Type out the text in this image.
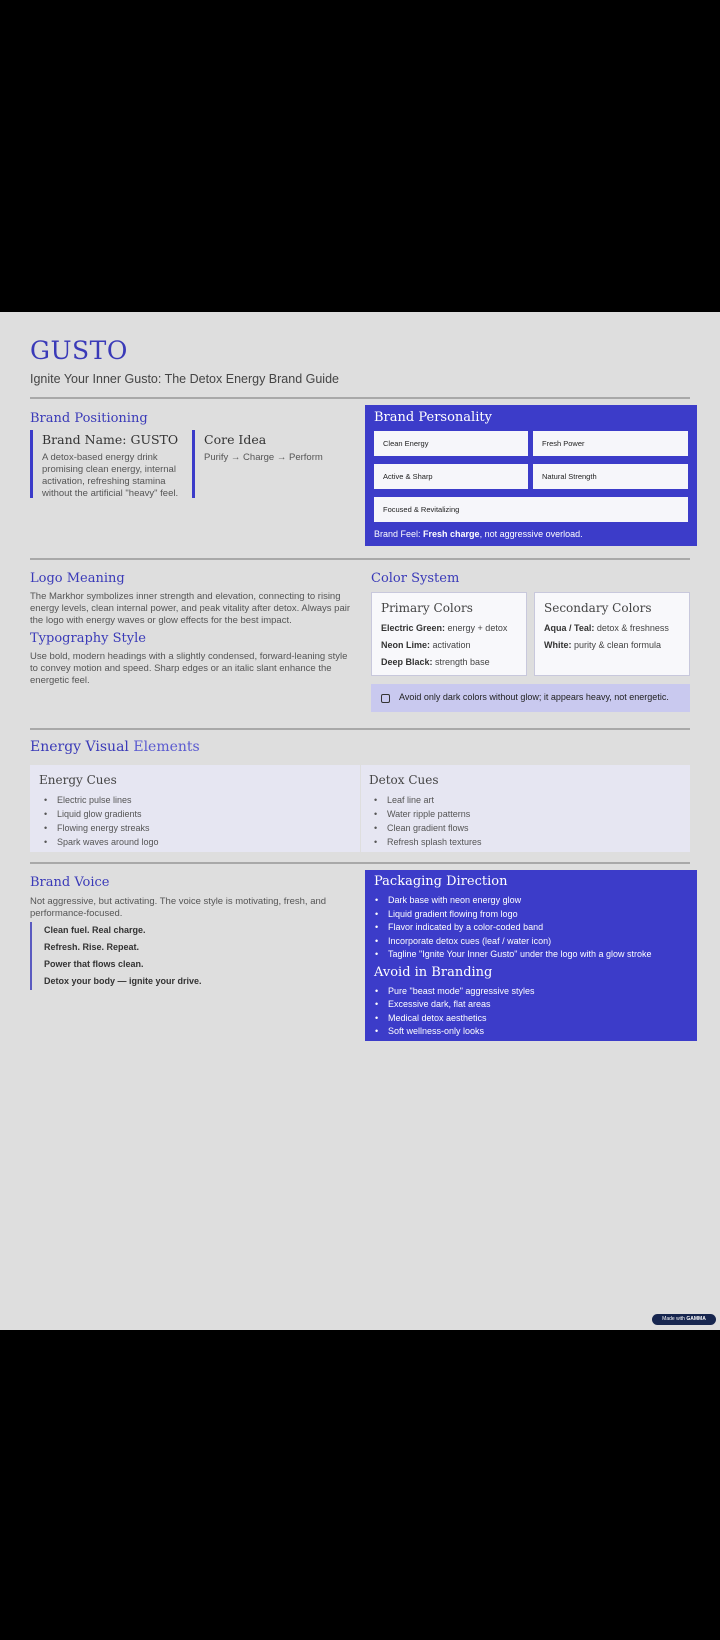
GUSTO
Ignite Your Inner Gusto: The Detox Energy Brand Guide
Brand Positioning
Brand Name: GUSTO
A detox-based energy drink promising clean energy, internal activation, refreshing stamina without the artificial "heavy" feel.
Core Idea
Purify → Charge → Perform
Brand Personality
Clean Energy	Fresh Power
Active & Sharp	Natural Strength
Focused & Revitalizing
Brand Feel: Fresh charge, not aggressive overload.
Logo Meaning
The Markhor symbolizes inner strength and elevation, connecting to rising energy levels, clean internal power, and peak vitality after detox. Always pair the logo with energy waves or glow effects for the best impact.
Typography Style
Use bold, modern headings with a slightly condensed, forward-leaning style to convey motion and speed. Sharp edges or an italic slant enhance the energetic feel.
Color System
Primary Colors
Electric Green: energy + detox
Neon Lime: activation
Deep Black: strength base
Secondary Colors
Aqua / Teal: detox & freshness
White: purity & clean formula
Avoid only dark colors without glow; it appears heavy, not energetic.
Energy Visual Elements
Energy Cues
• Electric pulse lines
• Liquid glow gradients
• Flowing energy streaks
• Spark waves around logo
Detox Cues
• Leaf line art
• Water ripple patterns
• Clean gradient flows
• Refresh splash textures
Brand Voice
Not aggressive, but activating. The voice style is motivating, fresh, and performance-focused.
Clean fuel. Real charge.
Refresh. Rise. Repeat.
Power that flows clean.
Detox your body — ignite your drive.
Packaging Direction
• Dark base with neon energy glow
• Liquid gradient flowing from logo
• Flavor indicated by a color-coded band
• Incorporate detox cues (leaf / water icon)
• Tagline "Ignite Your Inner Gusto" under the logo with a glow stroke
Avoid in Branding
• Pure "beast mode" aggressive styles
• Excessive dark, flat areas
• Medical detox aesthetics
• Soft wellness-only looks
Made with GAMMA
